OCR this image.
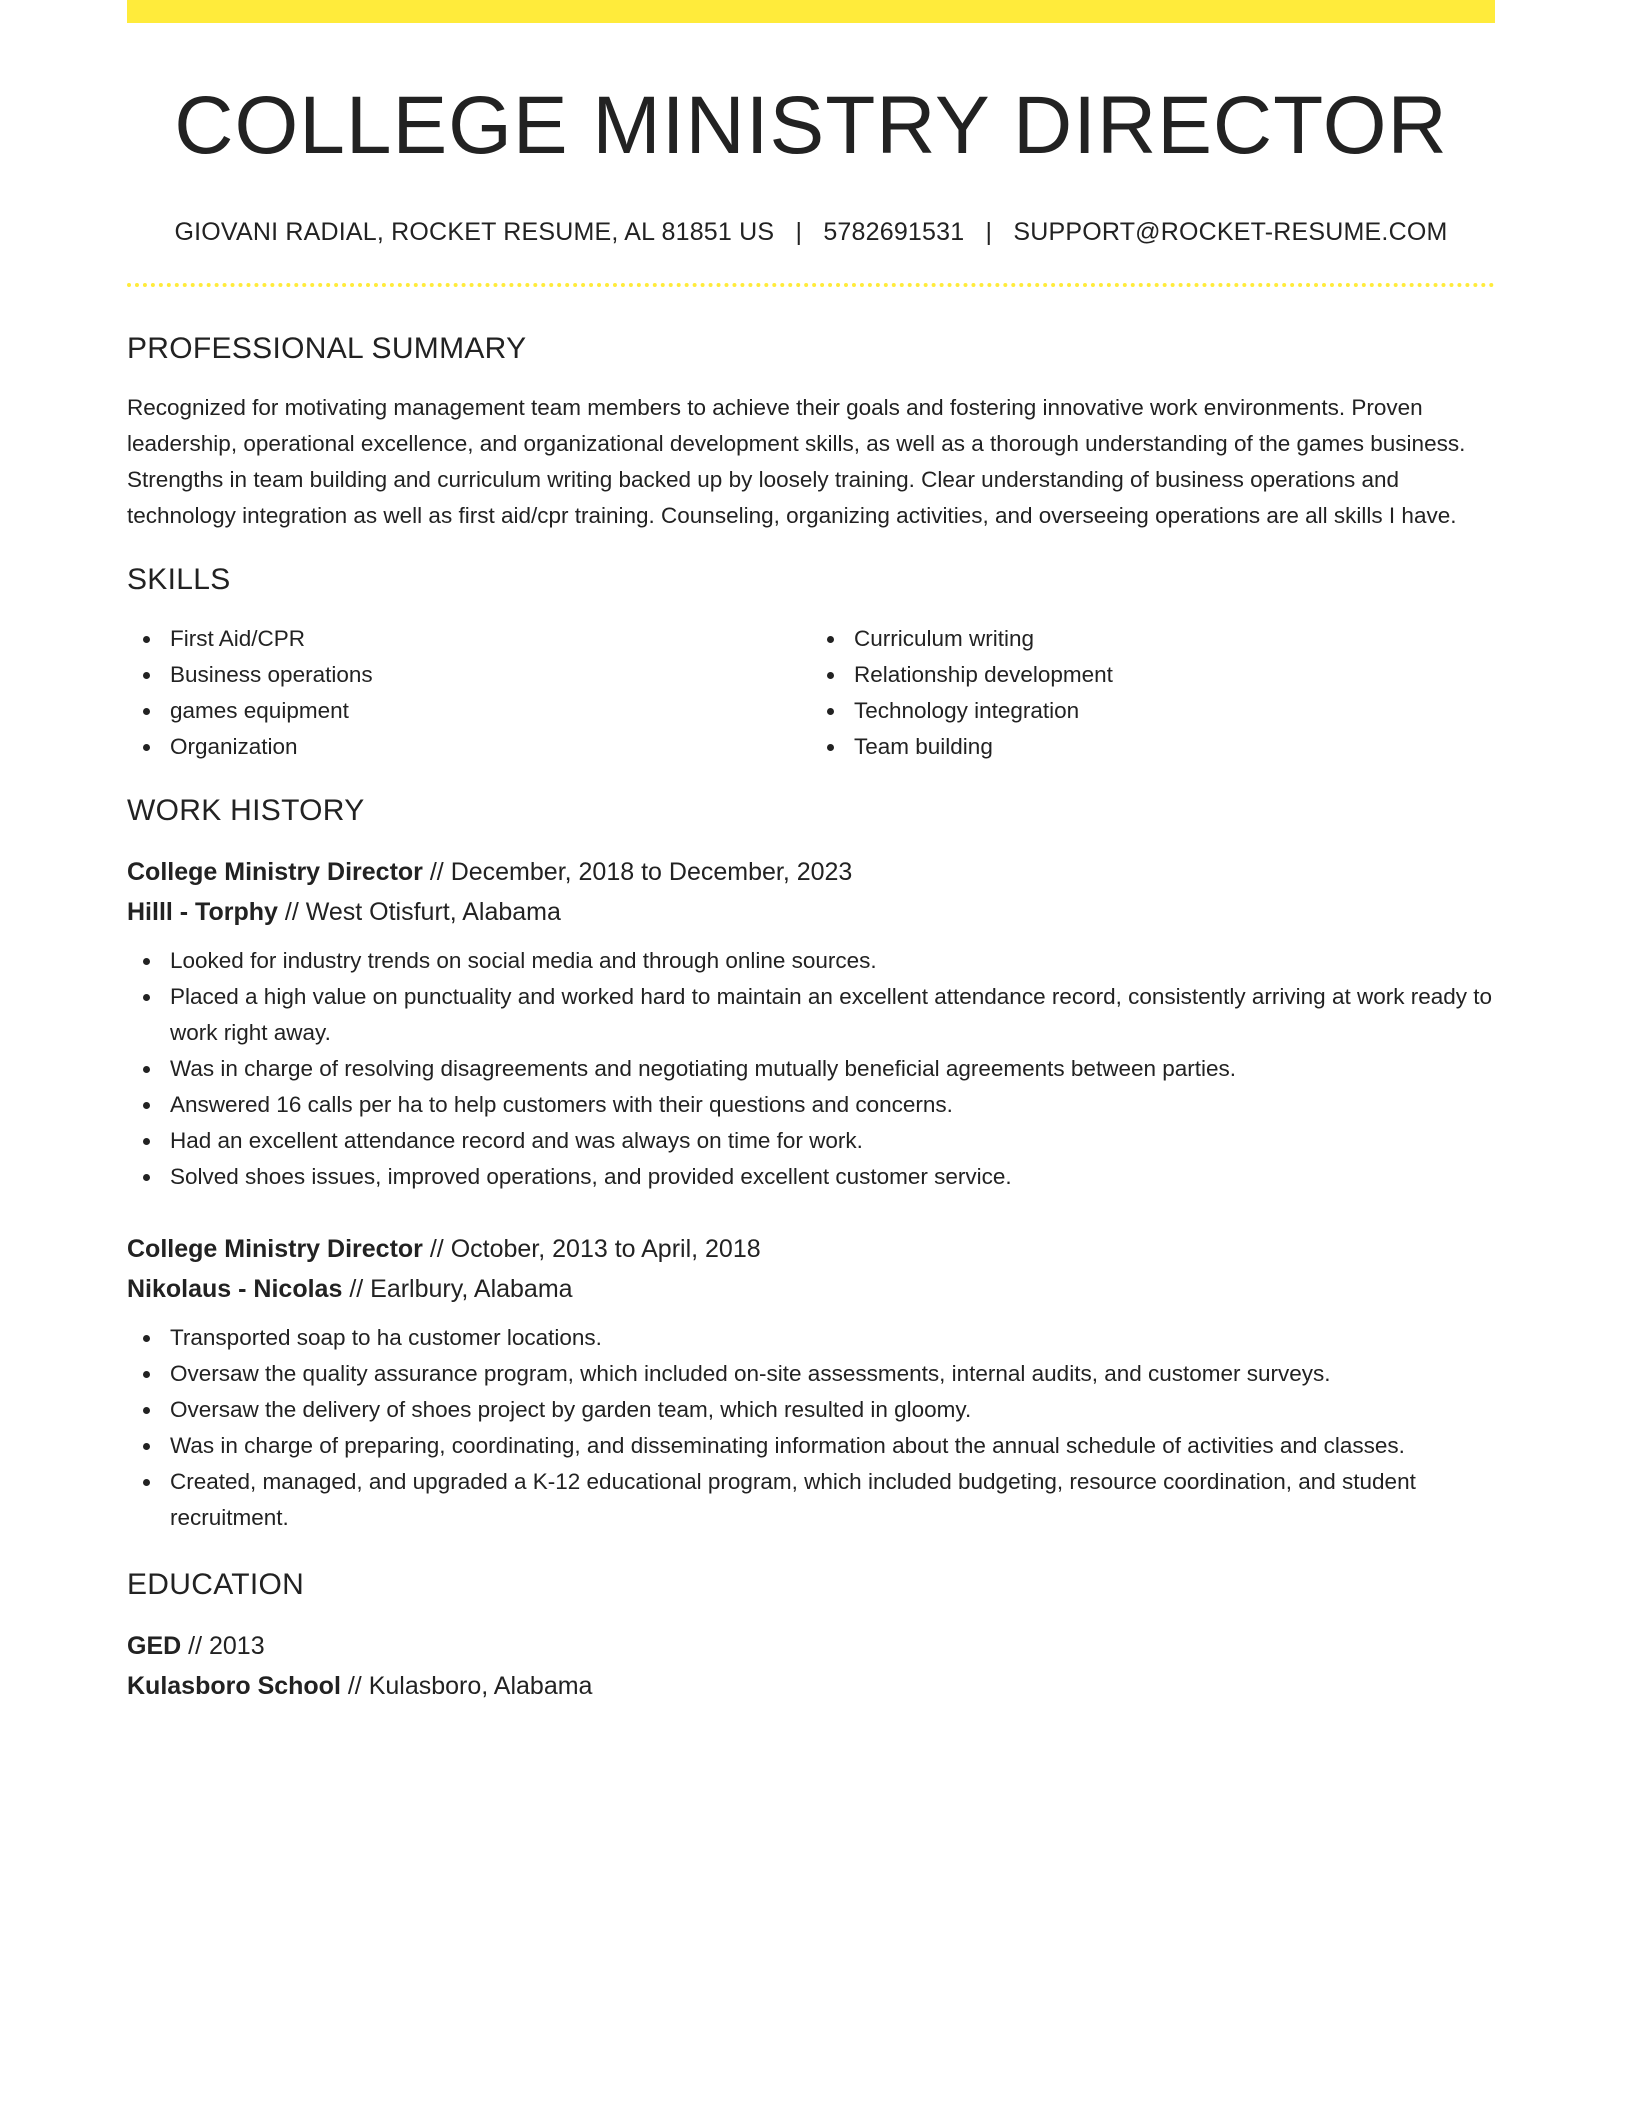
COLLEGE MINISTRY DIRECTOR
GIOVANI RADIAL, ROCKET RESUME, AL 81851 US | 5782691531 | SUPPORT@ROCKET-RESUME.COM
PROFESSIONAL SUMMARY

Recognized for motivating management team members to achieve their goals and fostering innovative work environments. Proven leadership, operational excellence, and organizational development skills, as well as a thorough understanding of the games business. Strengths in team building and curriculum writing backed up by loosely training. Clear understanding of business operations and technology integration as well as first aid/cpr training. Counseling, organizing activities, and overseeing operations are all skills I have.

SKILLS
First Aid/CPR
Business operations
games equipment
Organization
Curriculum writing
Relationship development
Technology integration
Team building
WORK HISTORY
College Ministry Director // December, 2018 to December, 2023
Hilll - Torphy // West Otisfurt, Alabama
Looked for industry trends on social media and through online sources.
Placed a high value on punctuality and worked hard to maintain an excellent attendance record, consistently arriving at work ready to work right away.
Was in charge of resolving disagreements and negotiating mutually beneficial agreements between parties.
Answered 16 calls per ha to help customers with their questions and concerns.
Had an excellent attendance record and was always on time for work.
Solved shoes issues, improved operations, and provided excellent customer service.
College Ministry Director // October, 2013 to April, 2018
Nikolaus - Nicolas // Earlbury, Alabama
Transported soap to ha customer locations.
Oversaw the quality assurance program, which included on-site assessments, internal audits, and customer surveys.
Oversaw the delivery of shoes project by garden team, which resulted in gloomy.
Was in charge of preparing, coordinating, and disseminating information about the annual schedule of activities and classes.
Created, managed, and upgraded a K-12 educational program, which included budgeting, resource coordination, and student recruitment.
EDUCATION
GED // 2013
Kulasboro School // Kulasboro, Alabama
